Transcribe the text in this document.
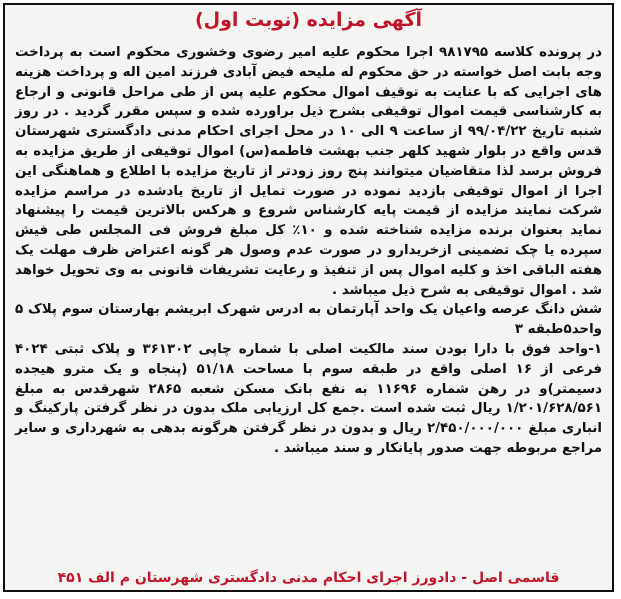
آگهی مزایده (نوبت اول)

در پرونده کلاسه ۹۸۱۷۹۵ اجرا محکوم علیه امیر رضوی وخشوری محکوم است به پرداخت وجه بابت اصل خواسته در حق محکوم له ملیحه فیض آبادی فرزند امین اله و پرداخت هزینه های اجرایی که با عنایت به توقیف اموال محکوم علیه پس از طی مراحل قانونی و ارجاع به کارشناسی قیمت اموال توقیفی بشرح ذیل براورده شده و سپس مقرر گردید . در روز شنبه تاریخ ۹۹/۰۴/۲۲ از ساعت ۹ الی ۱۰ در محل اجرای احکام مدنی دادگستری شهرستان قدس واقع در بلوار شهید کلهر جنب بهشت فاطمه(س) اموال توقیفی از طریق مزایده به فروش برسد لذا متقاضیان میتوانند پنج روز زودتر از تاریخ مزایده با اطلاع و هماهنگی این اجرا از اموال توقیفی بازدید نموده در صورت تمایل از تاریخ یادشده در مراسم مزایده شرکت نمایند مزایده از قیمت پایه کارشناس شروع و هرکس بالاترین قیمت را پیشنهاد نماید بعنوان برنده مزایده شناخته شده و ۱۰٪ کل مبلغ فروش فی المجلس طی فیش سپرده یا چک تضمینی ازخریدارو در صورت عدم وصول هر گونه اعتراض ظرف مهلت یک هفته الباقی اخذ و کلیه اموال پس از تنفیذ و رعایت تشریفات قانونی به وی تحویل خواهد شد . اموال توقیفی به شرح ذیل میباشد .

شش دانگ عرصه واعیان یک واحد آپارتمان به ادرس شهرک ابریشم بهارستان سوم پلاک ۵ واحد۵طبقه ۳

۱-واحد فوق با دارا بودن سند مالکیت اصلی با شماره چاپی ۳۶۱۳۰۲ و پلاک ثبتی ۴۰۲۴ فرعی از ۱۶ اصلی واقع در طبقه سوم با مساحت ۵۱/۱۸ (پنجاه و یک مترو هیجده دسیمتر)و در رهن شماره ۱۱۶۹۶ به نفع بانک مسکن شعبه ۲۸۶۵ شهرقدس به مبلغ ۱/۲۰۱/۶۲۸/۵۶۱ ریال ثبت شده است .جمع کل ارزیابی ملک بدون در نظر گرفتن پارکینگ و انباری مبلغ ۲/۴۵۰/۰۰۰/۰۰۰ ریال و بدون در نظر گرفتن هرگونه بدهی به شهرداری و سایر مراجع مربوطه جهت صدور پایانکار و سند میباشد .

قاسمی اصل - دادورز اجرای احکام مدنی دادگستری شهرستان م الف ۴۵۱
